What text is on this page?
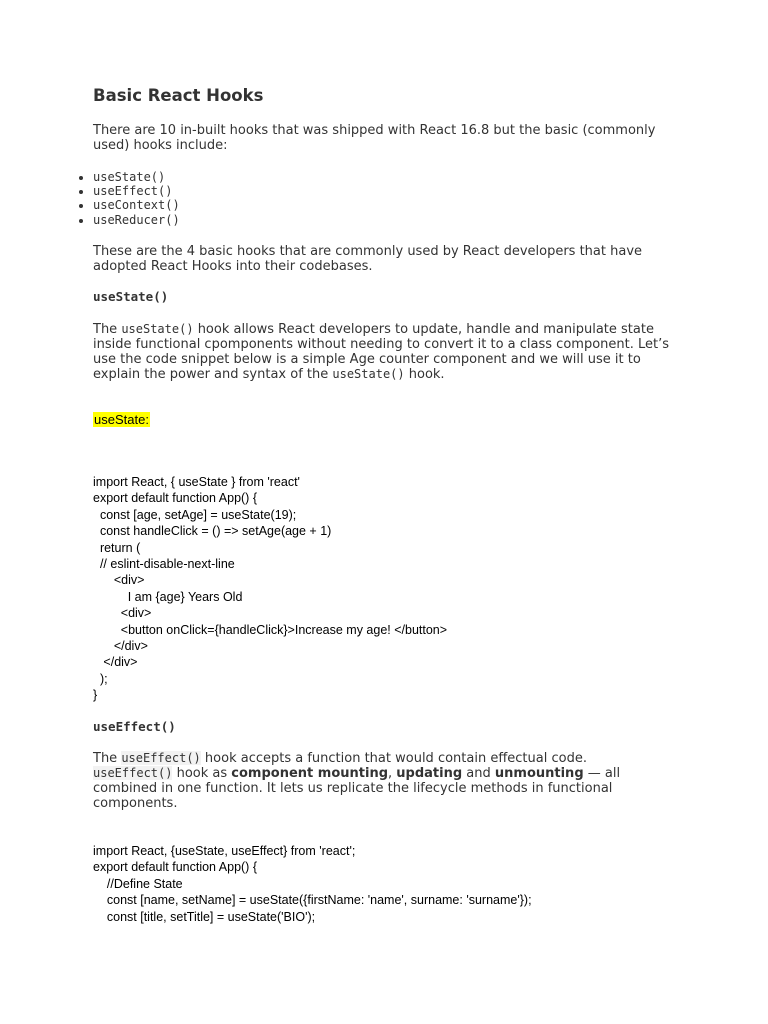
Basic React Hooks
There are 10 in-built hooks that was shipped with React 16.8 but the basic (commonly used) hooks include:
• useState()
• useEffect()
• useContext()
• useReducer()
These are the 4 basic hooks that are commonly used by React developers that have adopted React Hooks into their codebases.
useState()
The useState() hook allows React developers to update, handle and manipulate state inside functional cpomponents without needing to convert it to a class component. Let’s use the code snippet below is a simple Age counter component and we will use it to explain the power and syntax of the useState() hook.
useState:
import React, { useState } from 'react'
export default function App() {
const [age, setAge] = useState(19);
const handleClick = () => setAge(age + 1)
return (
// eslint-disable-next-line
<div>
I am {age} Years Old
<div>
<button onClick={handleClick}>Increase my age! </button>
</div>
</div>
);
}
useEffect()
The useEffect() hook accepts a function that would contain effectual code.
useEffect() hook as component mounting, updating and unmounting — all combined in one function. It lets us replicate the lifecycle methods in functional components.
import React, {useState, useEffect} from 'react';
export default function App() {
//Define State
const [name, setName] = useState({firstName: 'name', surname: 'surname'});
const [title, setTitle] = useState('BIO');
